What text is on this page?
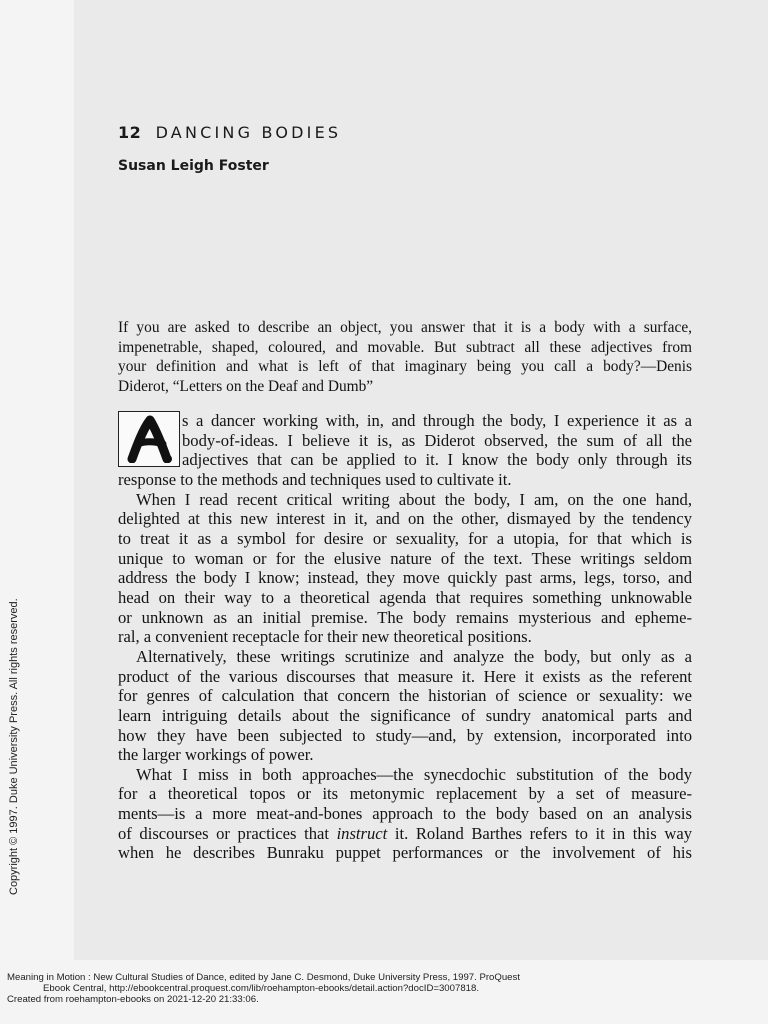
12 DANCING BODIES
Susan Leigh Foster
If you are asked to describe an object, you answer that it is a body with a surface,
impenetrable, shaped, coloured, and movable. But subtract all these adjectives from
your definition and what is left of that imaginary being you call a body?—Denis
Diderot, “Letters on the Deaf and Dumb”
s a dancer working with, in, and through the body, I experience it as a
body-of-ideas. I believe it is, as Diderot observed, the sum of all the
adjectives that can be applied to it. I know the body only through its
response to the methods and techniques used to cultivate it.
When I read recent critical writing about the body, I am, on the one hand,
delighted at this new interest in it, and on the other, dismayed by the tendency
to treat it as a symbol for desire or sexuality, for a utopia, for that which is
unique to woman or for the elusive nature of the text. These writings seldom
address the body I know; instead, they move quickly past arms, legs, torso, and
head on their way to a theoretical agenda that requires something unknowable
or unknown as an initial premise. The body remains mysterious and epheme-
ral, a convenient receptacle for their new theoretical positions.
Alternatively, these writings scrutinize and analyze the body, but only as a
product of the various discourses that measure it. Here it exists as the referent
for genres of calculation that concern the historian of science or sexuality: we
learn intriguing details about the significance of sundry anatomical parts and
how they have been subjected to study—and, by extension, incorporated into
the larger workings of power.
What I miss in both approaches—the synecdochic substitution of the body
for a theoretical topos or its metonymic replacement by a set of measure-
ments—is a more meat-and-bones approach to the body based on an analysis
of discourses or practices that instruct it. Roland Barthes refers to it in this way
when he describes Bunraku puppet performances or the involvement of his
Copyright © 1997. Duke University Press. All rights reserved.
Meaning in Motion : New Cultural Studies of Dance, edited by Jane C. Desmond, Duke University Press, 1997. ProQuest
Ebook Central, http://ebookcentral.proquest.com/lib/roehampton-ebooks/detail.action?docID=3007818.
Created from roehampton-ebooks on 2021-12-20 21:33:06.
